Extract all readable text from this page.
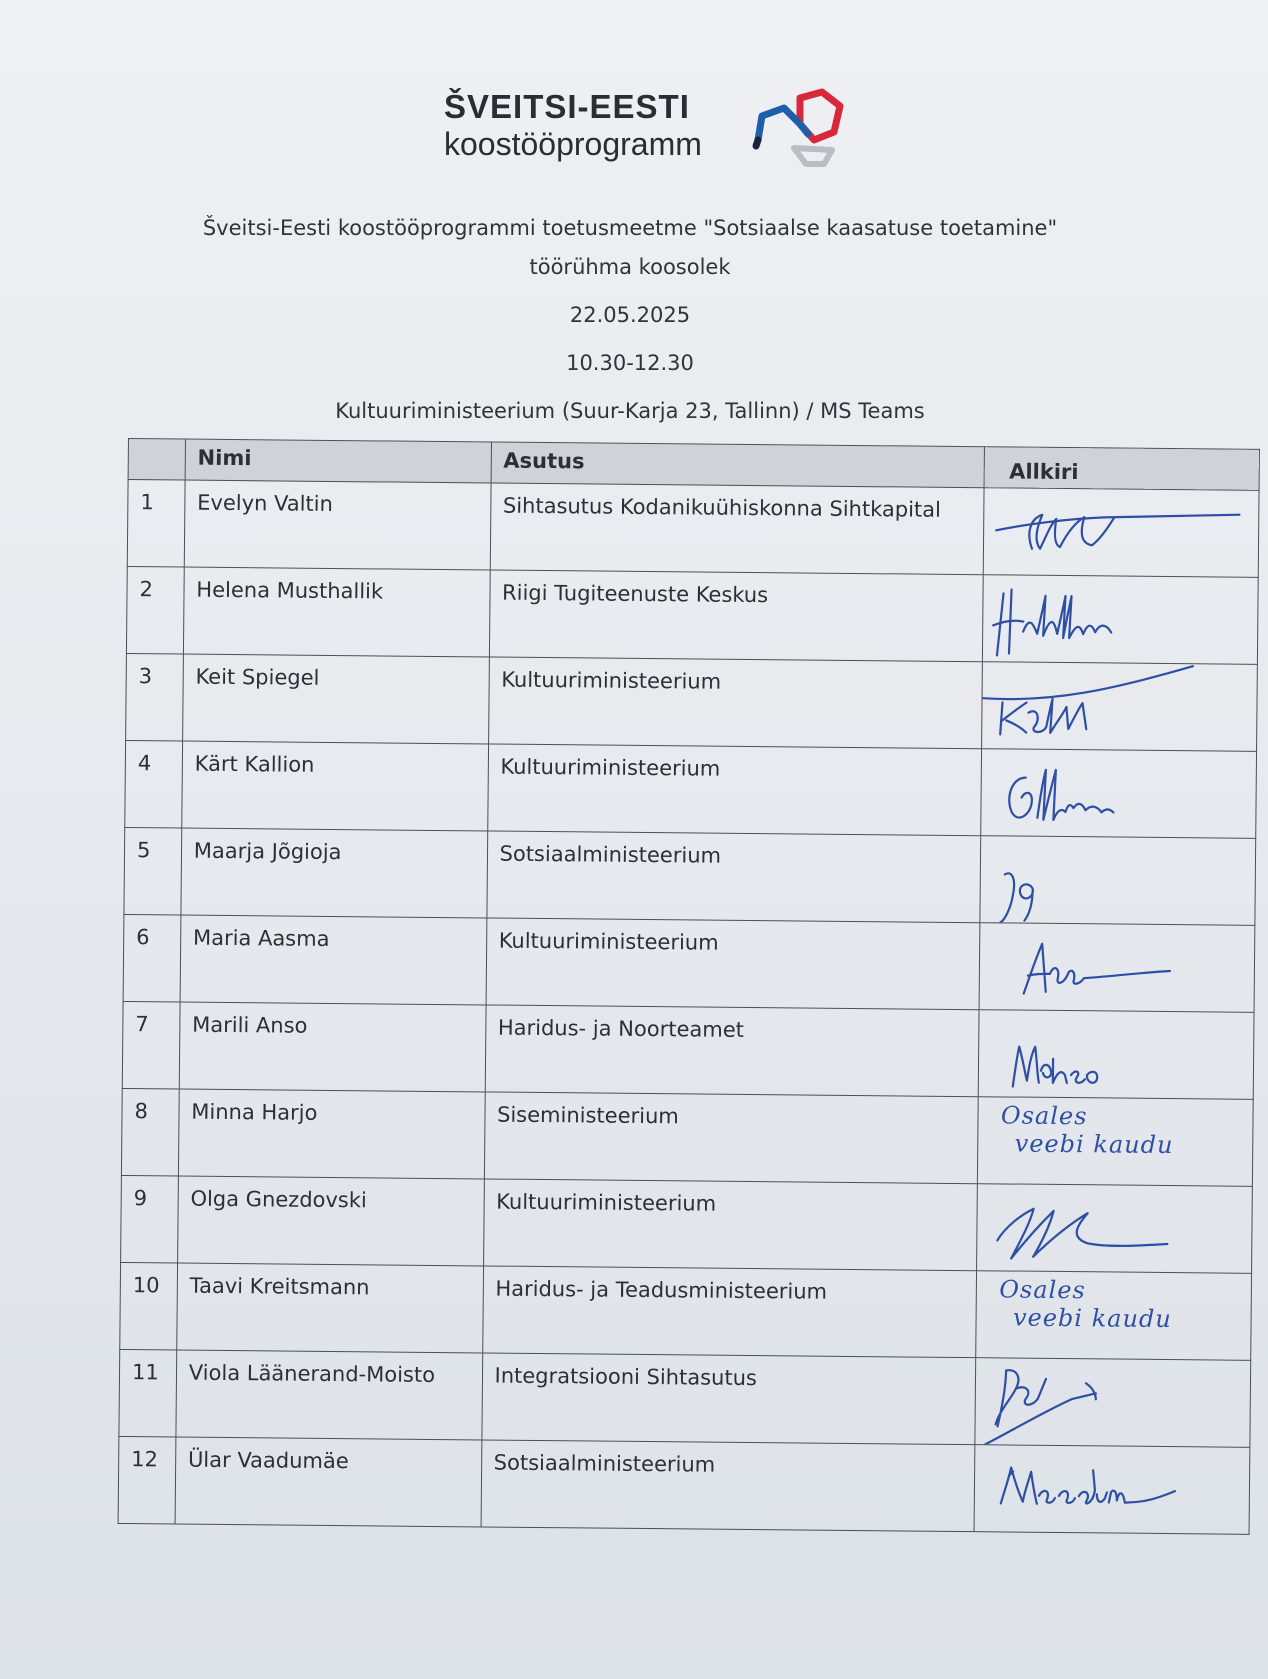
ŠVEITSI-EESTI
koostööprogramm
Šveitsi-Eesti koostööprogrammi toetusmeetme "Sotsiaalse kaasatuse toetamine"
töörühma koosolek
22.05.2025
10.30-12.30
Kultuuriministeerium (Suur-Karja 23, Tallinn) / MS Teams
	Nimi	Asutus	Allkiri
1	Evelyn Valtin	Sihtasutus Kodanikuühiskonna Sihtkapital	

2	Helena Musthallik	Riigi Tugiteenuste Keskus	

3	Keit Spiegel	Kultuuriministeerium	

4	Kärt Kallion	Kultuuriministeerium	

5	Maarja Jõgioja	Sotsiaalministeerium	

6	Maria Aasma	Kultuuriministeerium	

7	Marili Anso	Haridus- ja Noorteamet	

8	Minna Harjo	Siseministeerium	Osales
veebi kaudu

9	Olga Gnezdovski	Kultuuriministeerium	

10	Taavi Kreitsmann	Haridus- ja Teadusministeerium	Osales
veebi kaudu

11	Viola Läänerand-Moisto	Integratsiooni Sihtasutus	

12	Ülar Vaadumäe	Sotsiaalministeerium	
